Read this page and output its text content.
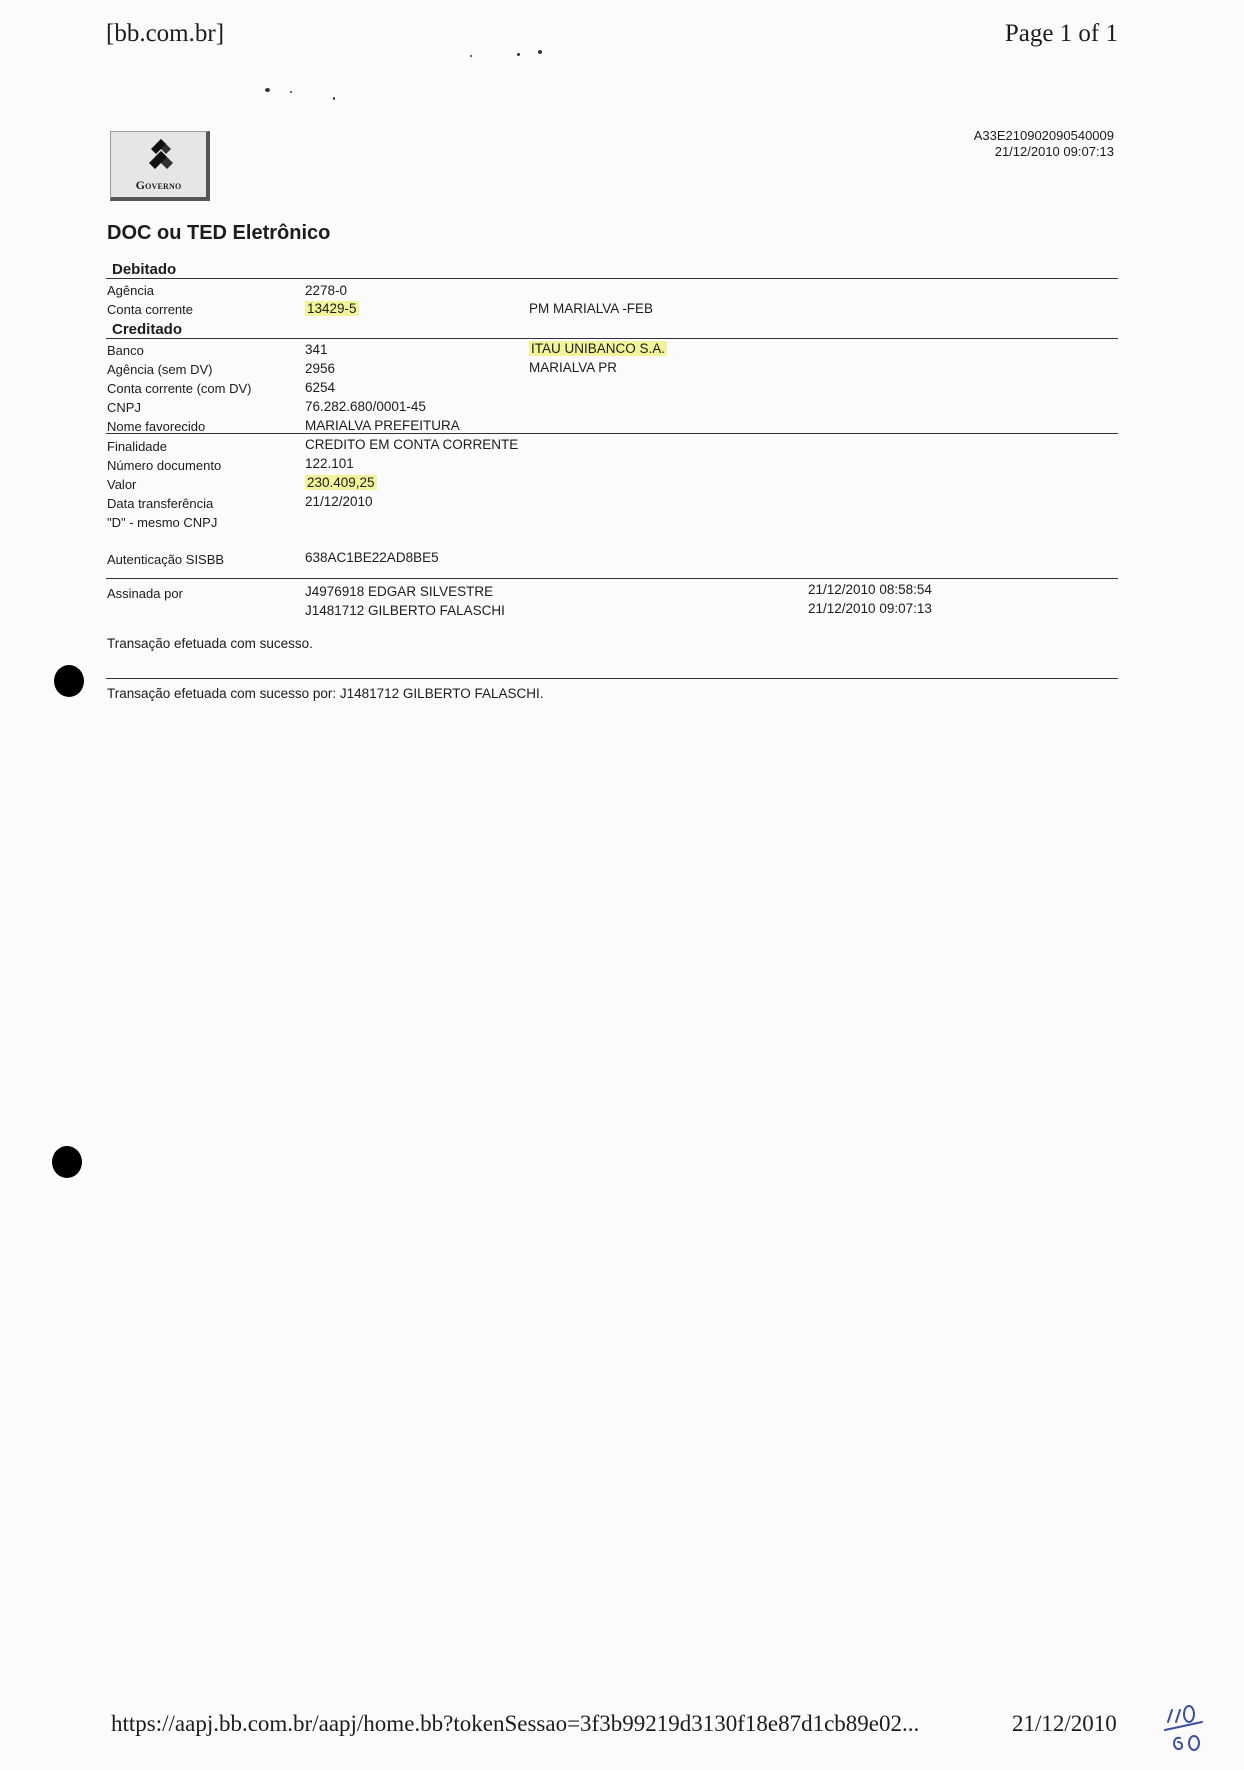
[bb.com.br]	Page 1 of 1
Governo
A33E210902090540009
21/12/2010 09:07:13
DOC ou TED Eletrônico
Debitado
Agência	2278-0
Conta corrente	13429-5	PM MARIALVA -FEB
Creditado
Banco	341	ITAU UNIBANCO S.A.
Agência (sem DV)	2956	MARIALVA PR
Conta corrente (com DV)	6254
CNPJ	76.282.680/0001-45
Nome favorecido	MARIALVA PREFEITURA
Finalidade	CREDITO EM CONTA CORRENTE
Número documento	122.101
Valor	230.409,25
Data transferência	21/12/2010
"D" - mesmo CNPJ
Autenticação SISBB	638AC1BE22AD8BE5
Assinada por	J4976918 EDGAR SILVESTRE	21/12/2010 08:58:54
J1481712 GILBERTO FALASCHI	21/12/2010 09:07:13
Transação efetuada com sucesso.
Transação efetuada com sucesso por: J1481712 GILBERTO FALASCHI.
https://aapj.bb.com.br/aapj/home.bb?tokenSessao=3f3b99219d3130f18e87d1cb89e02...	21/12/2010
